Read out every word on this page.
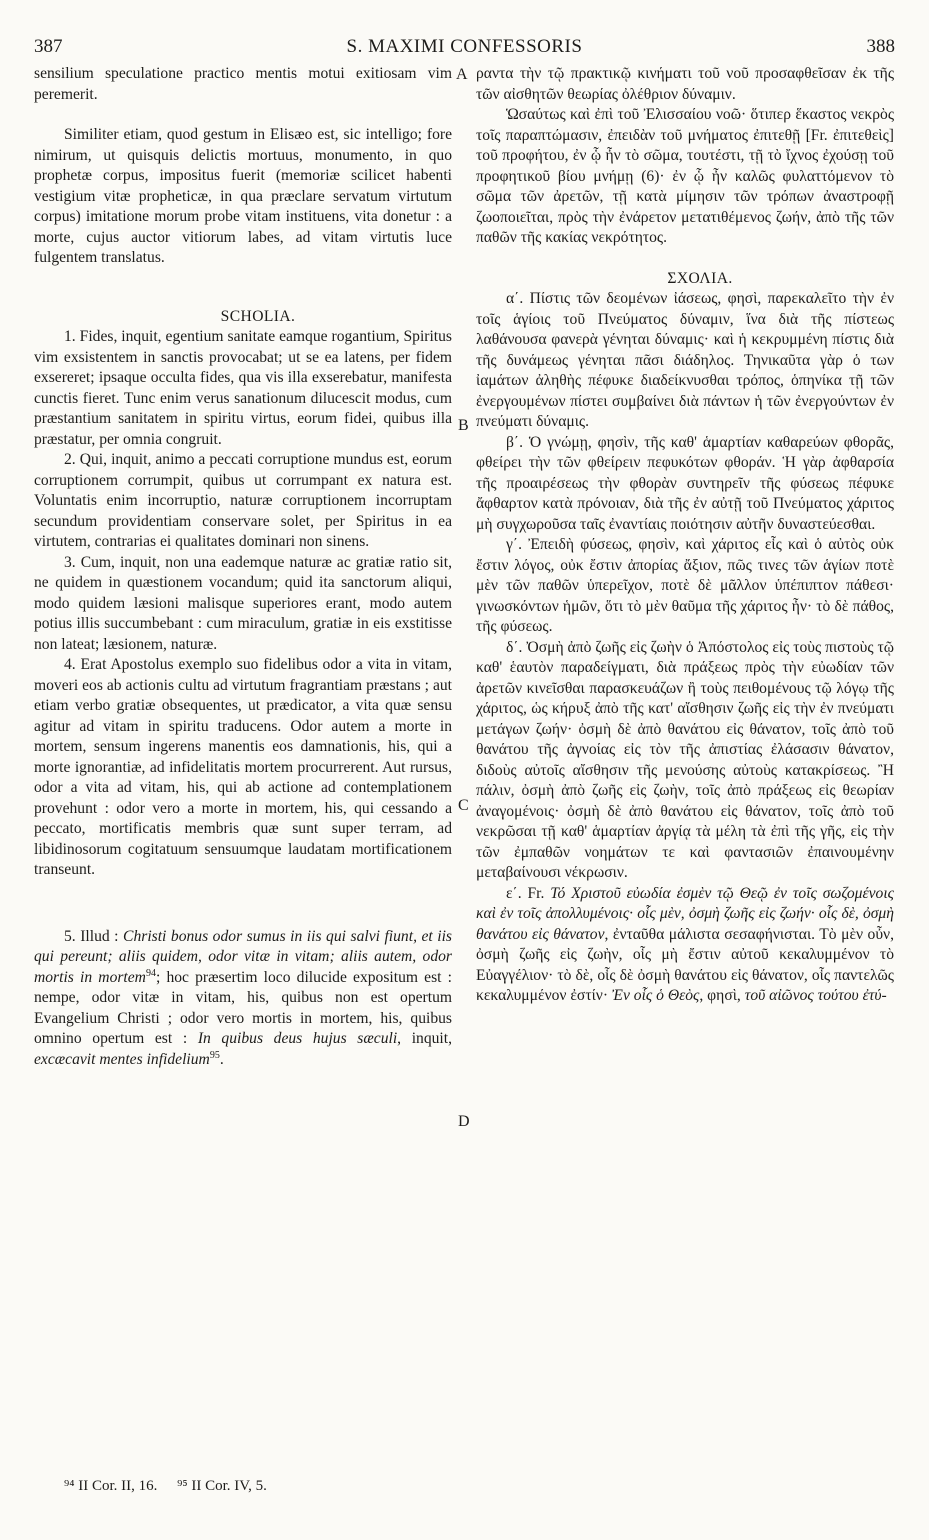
387	S. MAXIMI CONFESSORIS	388

sensilium speculatione practico mentis motui exitiosam vim peremerit.

Similiter etiam, quod gestum in Elisæo est, sic intelligo; fore nimirum, ut quisquis delictis mortuus, monumento, in quo prophetæ corpus, impositus fuerit (memoriæ scilicet habenti vestigium vitæ propheticæ, in qua præclare servatum virtutum corpus) imitatione morum probe vitam instituens, vita donetur : a morte, cujus auctor vitiorum labes, ad vitam virtutis luce fulgentem translatus.

SCHOLIA.

1. Fides, inquit, egentium sanitate eamque rogantium, Spiritus vim exsistentem in sanctis provocabat; ut se ea latens, per fidem exsereret; ipsaque occulta fides, qua vis illa exserebatur, manifesta cunctis fieret. Tunc enim verus sanationum dilucescit modus, cum præstantium sanitatem in spiritu virtus, eorum fidei, quibus illa præstatur, per omnia congruit.

2. Qui, inquit, animo a peccati corruptione mundus est, eorum corruptionem corrumpit, quibus ut corrumpant ex natura est. Voluntatis enim incorruptio, naturæ corruptionem incorruptam secundum providentiam conservare solet, per Spiritus in ea virtutem, contrarias ei qualitates dominari non sinens.

3. Cum, inquit, non una eademque naturæ ac gratiæ ratio sit, ne quidem in quæstionem vocandum; quid ita sanctorum aliqui, modo quidem læsioni malisque superiores erant, modo autem potius illis succumbebant : cum miraculum, gratiæ in eis exstitisse non lateat; læsionem, naturæ.

4. Erat Apostolus exemplo suo fidelibus odor a vita in vitam, moveri eos ab actionis cultu ad virtutum fragrantiam præstans ; aut etiam verbo gratiæ obsequentes, ut prædicator, a vita quæ sensu agitur ad vitam in spiritu traducens. Odor autem a morte in mortem, sensum ingerens manentis eos damnationis, his, qui a morte ignorantiæ, ad infidelitatis mortem procurrerent. Aut rursus, odor a vita ad vitam, his, qui ab actione ad contemplationem provehunt : odor vero a morte in mortem, his, qui cessando a peccato, mortificatis membris quæ sunt super terram, ad libidinosorum cogitatuum sensuumque laudatam mortificationem transeunt.

5. Illud : Christi bonus odor sumus in iis qui salvi fiunt, et iis qui pereunt; aliis quidem, odor vitæ in vitam; aliis autem, odor mortis in mortem$^{94}$; hoc præsertim loco dilucide expositum est : nempe, odor vitæ in vitam, his, quibus non est opertum Evangelium Christi ; odor vero mortis in mortem, his, quibus omnino opertum est : In quibus deus hujus sæculi, inquit, excæcavit mentes infidelium$^{95}$.

ραντα τὴν τῷ πρακτικῷ κινήματι τοῦ νοῦ προσαφθεῖσαν ἐκ τῆς τῶν αἰσθητῶν θεωρίας ὀλέθριον δύναμιν.

Ὡσαύτως καὶ ἐπὶ τοῦ Ἐλισσαίου νοῶ· ὅτιπερ ἕκαστος νεκρὸς τοῖς παραπτώμασιν, ἐπειδὰν τοῦ μνήματος ἐπιτεθῇ [Fr. ἐπιτεθεὶς] τοῦ προφήτου, ἐν ᾧ ἦν τὸ σῶμα, τουτέστι, τῇ τὸ ἴχνος ἐχούσῃ τοῦ προφητικοῦ βίου μνήμῃ (6)· ἐν ᾧ ἦν καλῶς φυλαττόμενον τὸ σῶμα τῶν ἀρετῶν, τῇ κατὰ μίμησιν τῶν τρόπων ἀναστροφῇ ζωοποιεῖται, πρὸς τὴν ἐνάρετον μετατιθέμενος ζωήν, ἀπὸ τῆς τῶν παθῶν τῆς κακίας νεκρότητος.

ΣΧΟΛΙΑ.

α΄. Πίστις τῶν δεομένων ἰάσεως, φησὶ, παρεκαλεῖτο τὴν ἐν τοῖς ἁγίοις τοῦ Πνεύματος δύναμιν, ἵνα διὰ τῆς πίστεως λαθάνουσα φανερὰ γένηται δύναμις· καὶ ἡ κεκρυμμένη πίστις διὰ τῆς δυνάμεως γένηται πᾶσι διάδηλος. Τηνικαῦτα γὰρ ὁ των ἰαμάτων ἀληθὴς πέφυκε διαδείκνυσθαι τρόπος, ὁπηνίκα τῇ τῶν ἐνεργουμένων πίστει συμβαίνει διὰ πάντων ἡ τῶν ἐνεργούντων ἐν πνεύματι δύναμις.

β΄. Ὁ γνώμῃ, φησὶν, τῆς καθ' ἁμαρτίαν καθαρεύων φθορᾶς, φθείρει τὴν τῶν φθείρειν πεφυκότων φθοράν. Ἡ γὰρ ἀφθαρσία τῆς προαιρέσεως τὴν φθορὰν συντηρεῖν τῆς φύσεως πέφυκε ἄφθαρτον κατὰ πρόνοιαν, διὰ τῆς ἐν αὐτῇ τοῦ Πνεύματος χάριτος μὴ συγχωροῦσα ταῖς ἐναντίαις ποιότησιν αὐτῆν δυναστεύεσθαι.

γ΄. Ἐπειδὴ φύσεως, φησὶν, καὶ χάριτος εἷς καὶ ὁ αὐτὸς οὐκ ἔστιν λόγος, οὐκ ἔστιν ἀπορίας ἄξιον, πῶς τινες τῶν ἁγίων ποτὲ μὲν τῶν παθῶν ὑπερεῖχον, ποτὲ δὲ μᾶλλον ὑπέπιπτον πάθεσι· γινωσκόντων ἡμῶν, ὅτι τὸ μὲν θαῦμα τῆς χάριτος ἦν· τὸ δὲ πάθος, τῆς φύσεως.

δ΄. Ὀσμὴ ἀπὸ ζωῆς εἰς ζωὴν ὁ Ἀπόστολος εἰς τοὺς πιστοὺς τῷ καθ' ἑαυτὸν παραδείγματι, διὰ πράξεως πρὸς τὴν εὐωδίαν τῶν ἀρετῶν κινεῖσθαι παρασκευάζων ἢ τοὺς πειθομένους τῷ λόγῳ τῆς χάριτος, ὡς κήρυξ ἀπὸ τῆς κατ' αἴσθησιν ζωῆς εἰς τὴν ἐν πνεύματι μετάγων ζωήν· ὀσμὴ δὲ ἀπὸ θανάτου εἰς θάνατον, τοῖς ἀπὸ τοῦ θανάτου τῆς ἀγνοίας εἰς τὸν τῆς ἀπιστίας ἐλάσασιν θάνατον, διδοὺς αὐτοῖς αἴσθησιν τῆς μενούσης αὐτοὺς κατακρίσεως. Ἢ πάλιν, ὀσμὴ ἀπὸ ζωῆς εἰς ζωὴν, τοῖς ἀπὸ πράξεως εἰς θεωρίαν ἀναγομένοις· ὀσμὴ δὲ ἀπὸ θανάτου εἰς θάνατον, τοῖς ἀπὸ τοῦ νεκρῶσαι τῇ καθ' ἁμαρτίαν ἀργίᾳ τὰ μέλη τὰ ἐπὶ τῆς γῆς, εἰς τὴν τῶν ἐμπαθῶν νοημάτων τε καὶ φαντασιῶν ἐπαινουμένην μεταβαίνουσι νέκρωσιν.

ε΄. Fr. Τό Χριστοῦ εὐωδία ἐσμὲν τῷ Θεῷ ἐν τοῖς σωζομένοις καὶ ἐν τοῖς ἀπολλυμένοις· οἷς μὲν, ὀσμὴ ζωῆς εἰς ζωήν· οἷς δὲ, ὀσμὴ θανάτου εἰς θάνατον, ἐνταῦθα μάλιστα σεσαφήνισται. Τὸ μὲν οὖν, ὀσμὴ ζωῆς εἰς ζωὴν, οἷς μὴ ἔστιν αὐτοῦ κεκαλυμμένον τὸ Εὐαγγέλιον· τὸ δὲ, οἷς δὲ ὀσμὴ θανάτου εἰς θάνατον, οἷς παντελῶς κεκαλυμμένον ἐστίν· Ἐν οἷς ὁ Θεὸς, φησὶ, τοῦ αἰῶνος τούτου ἐτύ-

A
B
C
D
⁹⁴ II Cor. II, 16. ⁹⁵ II Cor. IV, 5.
